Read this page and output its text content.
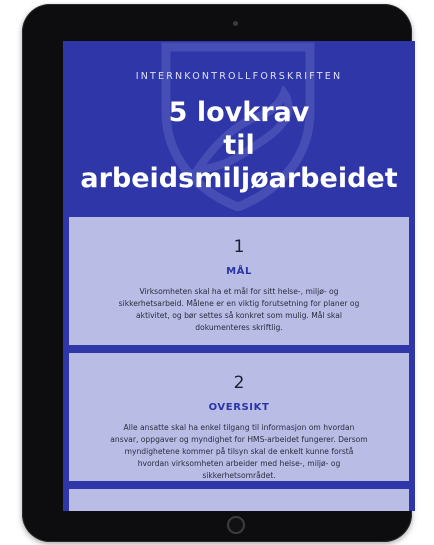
INTERNKONTROLLFORSKRIFTEN

5 lovkrav
til
arbeidsmiljøarbeidet
1
MÅL
Virksomheten skal ha et mål for sitt helse-, miljø- og sikkerhetsarbeid. Målene er en viktig forutsetning for planer og aktivitet, og bør settes så konkret som mulig. Mål skal dokumenteres skriftlig.
2
OVERSIKT
Alle ansatte skal ha enkel tilgang til informasjon om hvordan ansvar, oppgaver og myndighet for HMS-arbeidet fungerer. Dersom myndighetene kommer på tilsyn skal de enkelt kunne forstå hvordan virksomheten arbeider med helse-, miljø- og sikkerhetsområdet.
